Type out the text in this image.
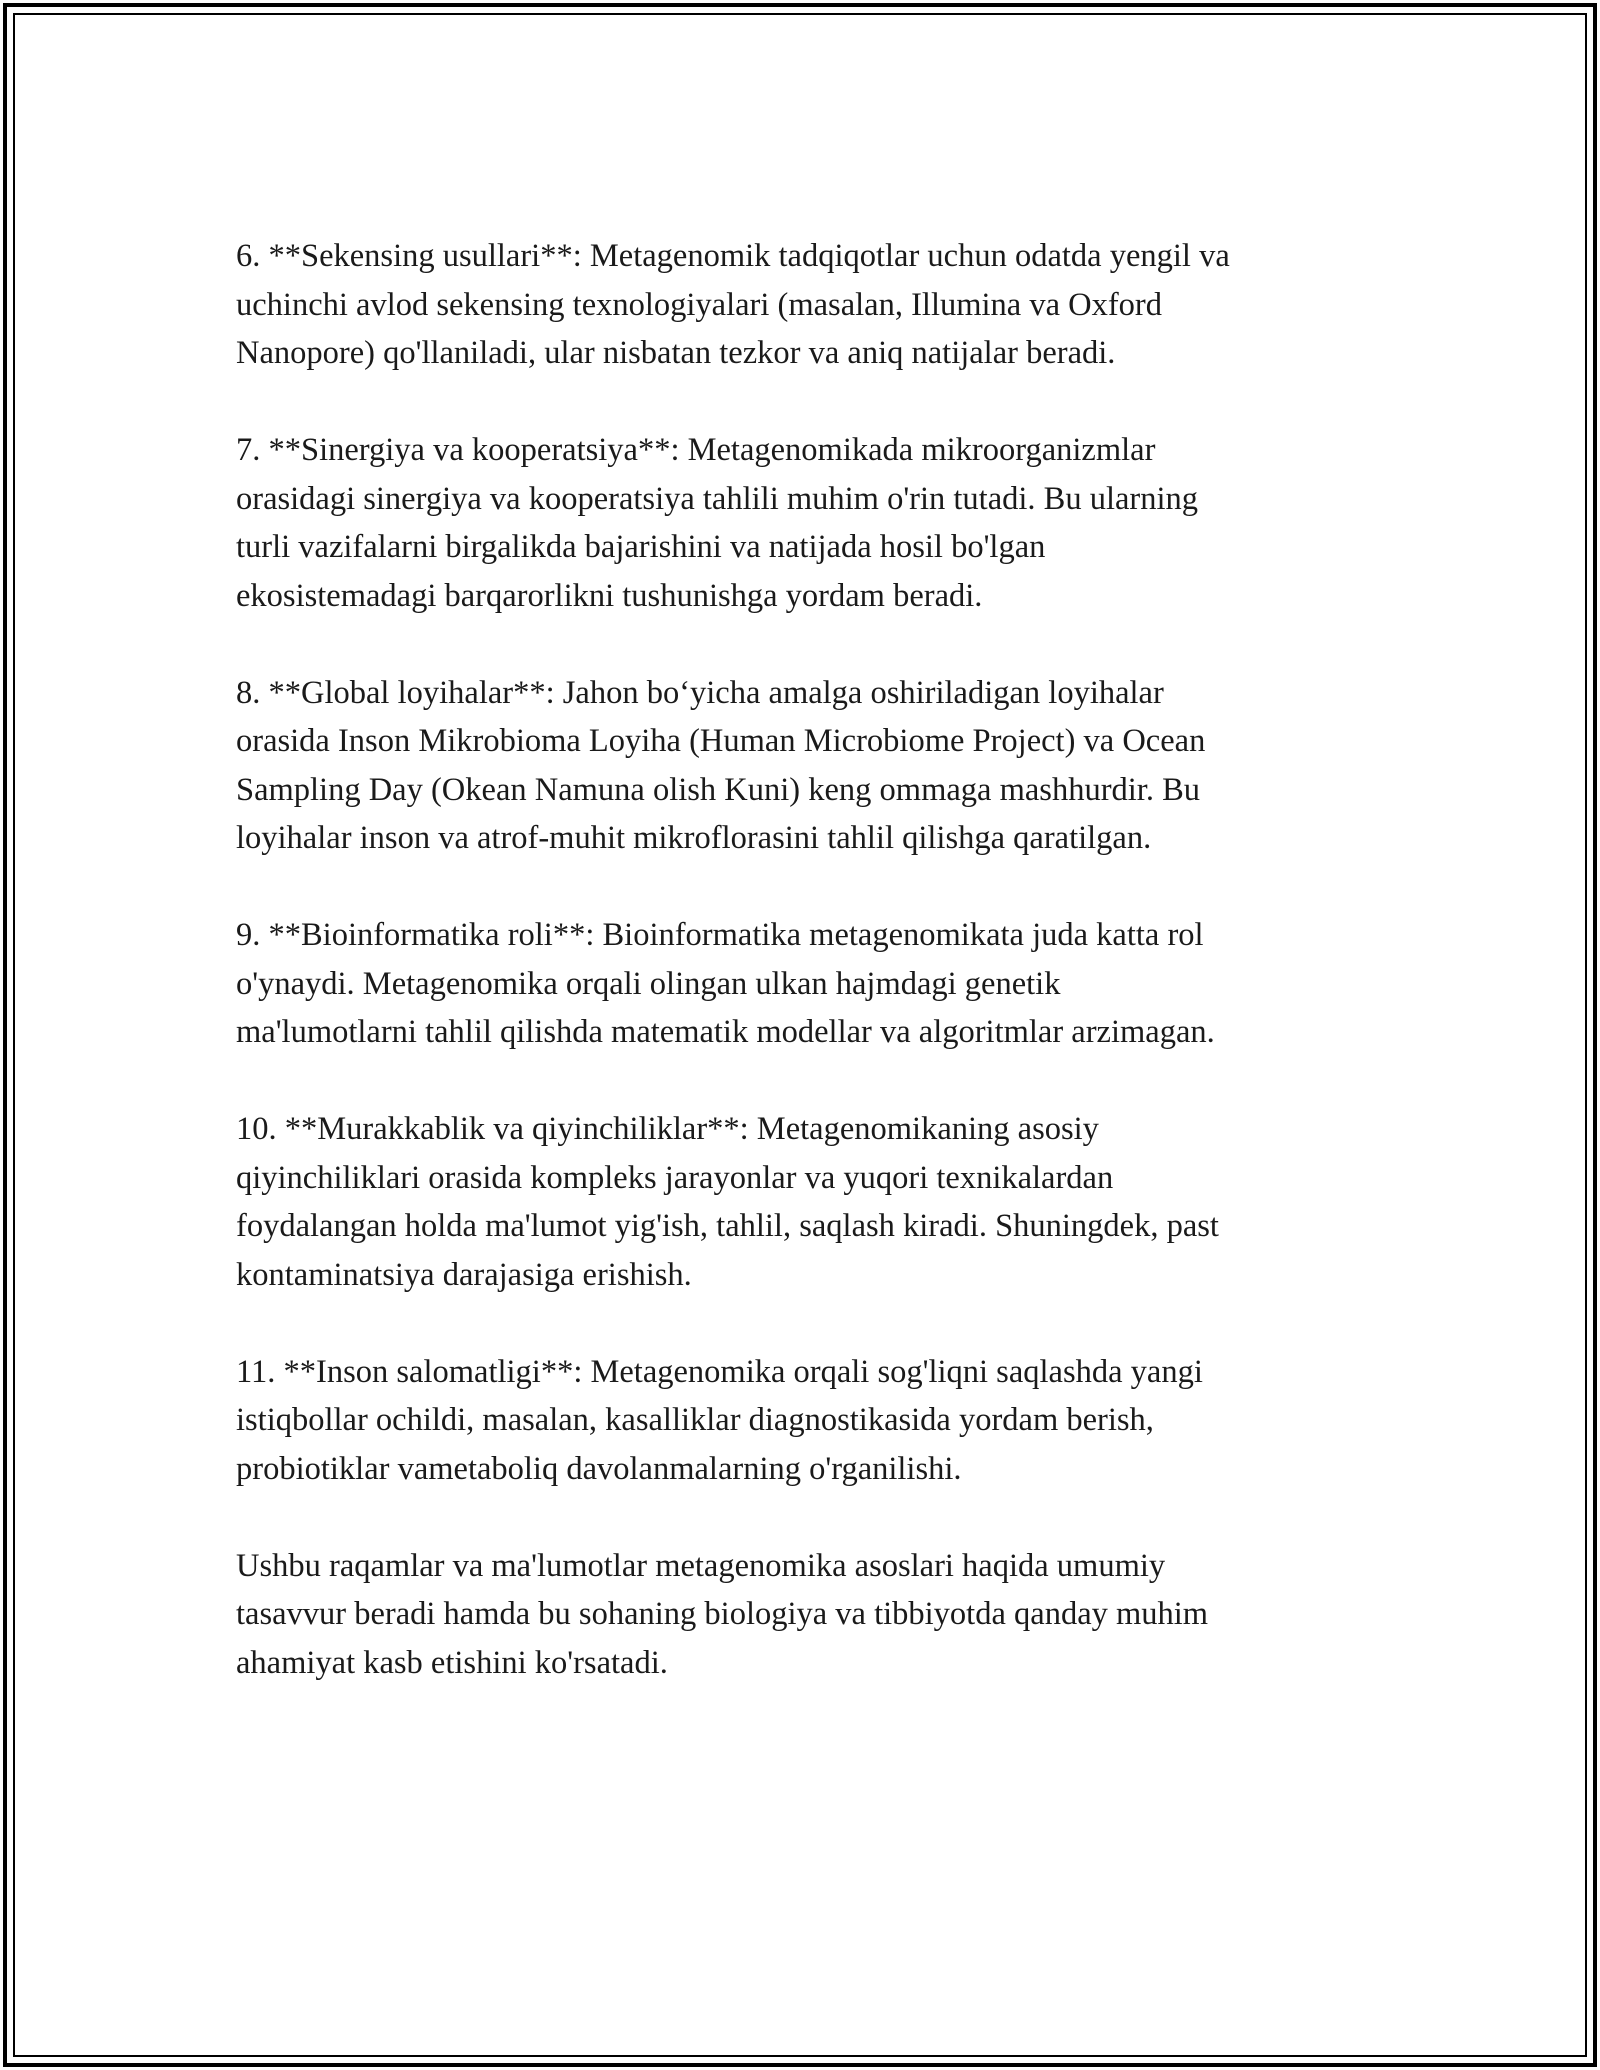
6. **Sekensing usullari**: Metagenomik tadqiqotlar uchun odatda yengil va
uchinchi avlod sekensing texnologiyalari (masalan, Illumina va Oxford
Nanopore) qo'llaniladi, ular nisbatan tezkor va aniq natijalar beradi.

7. **Sinergiya va kooperatsiya**: Metagenomikada mikroorganizmlar
orasidagi sinergiya va kooperatsiya tahlili muhim o'rin tutadi. Bu ularning
turli vazifalarni birgalikda bajarishini va natijada hosil bo'lgan
ekosistemadagi barqarorlikni tushunishga yordam beradi.

8. **Global loyihalar**: Jahon bo‘yicha amalga oshiriladigan loyihalar
orasida Inson Mikrobioma Loyiha (Human Microbiome Project) va Ocean
Sampling Day (Okean Namuna olish Kuni) keng ommaga mashhurdir. Bu
loyihalar inson va atrof-muhit mikroflorasini tahlil qilishga qaratilgan.

9. **Bioinformatika roli**: Bioinformatika metagenomikata juda katta rol
o'ynaydi. Metagenomika orqali olingan ulkan hajmdagi genetik
ma'lumotlarni tahlil qilishda matematik modellar va algoritmlar arzimagan.

10. **Murakkablik va qiyinchiliklar**: Metagenomikaning asosiy
qiyinchiliklari orasida kompleks jarayonlar va yuqori texnikalardan
foydalangan holda ma'lumot yig'ish, tahlil, saqlash kiradi. Shuningdek, past
kontaminatsiya darajasiga erishish.

11. **Inson salomatligi**: Metagenomika orqali sog'liqni saqlashda yangi
istiqbollar ochildi, masalan, kasalliklar diagnostikasida yordam berish,
probiotiklar vametaboliq davolanmalarning o'rganilishi.

Ushbu raqamlar va ma'lumotlar metagenomika asoslari haqida umumiy
tasavvur beradi hamda bu sohaning biologiya va tibbiyotda qanday muhim
ahamiyat kasb etishini ko'rsatadi.
